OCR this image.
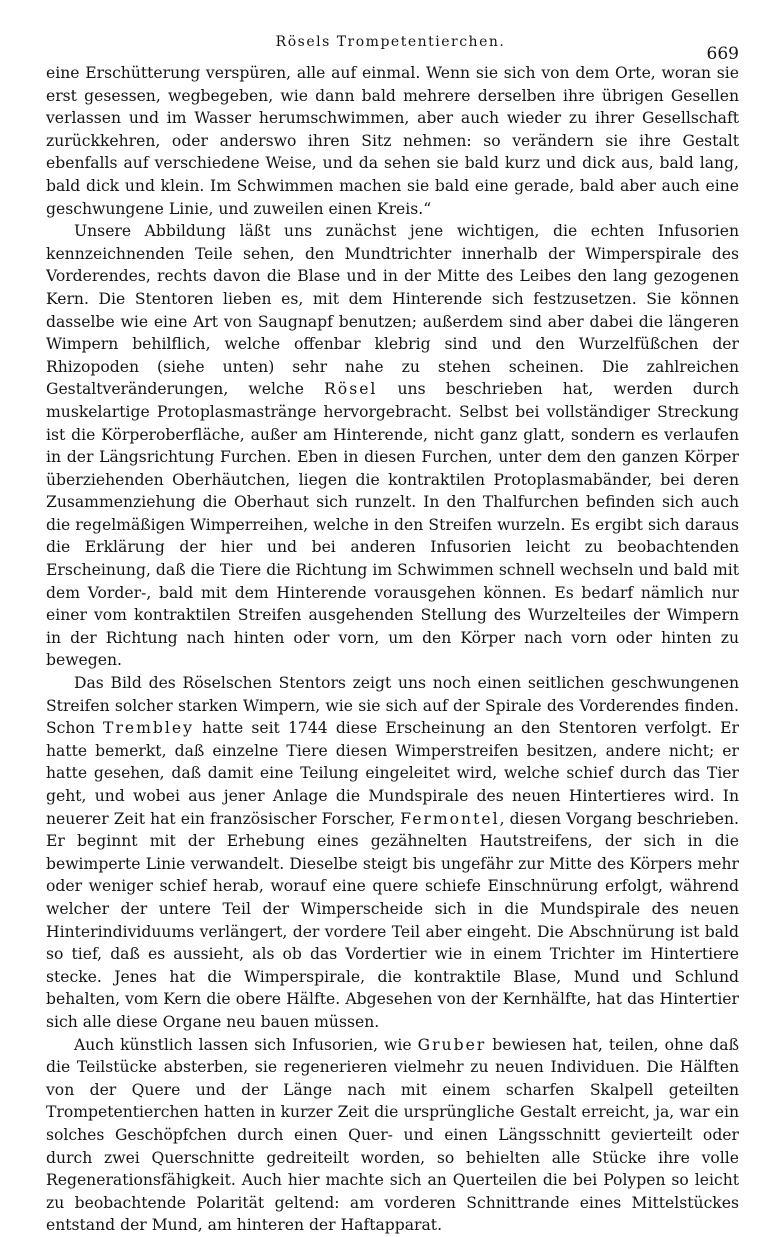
Rösels Trompetentierchen.
669

eine Erschütterung verspüren, alle auf einmal. Wenn sie sich von dem Orte, woran sie erst gesessen, wegbegeben, wie dann bald mehrere derselben ihre übrigen Gesellen verlassen und im Wasser herumschwimmen, aber auch wieder zu ihrer Gesellschaft zurückkehren, oder anderswo ihren Sitz nehmen: so verändern sie ihre Gestalt ebenfalls auf verschiedene Weise, und da sehen sie bald kurz und dick aus, bald lang, bald dick und klein. Im Schwimmen machen sie bald eine gerade, bald aber auch eine geschwungene Linie, und zuweilen einen Kreis.“

Unsere Abbildung läßt uns zunächst jene wichtigen, die echten Infusorien kennzeichnenden Teile sehen, den Mundtrichter innerhalb der Wimperspirale des Vorderendes, rechts davon die Blase und in der Mitte des Leibes den lang gezogenen Kern. Die Stentoren lieben es, mit dem Hinterende sich festzusetzen. Sie können dasselbe wie eine Art von Saugnapf benutzen; außerdem sind aber dabei die längeren Wimpern behilflich, welche offenbar klebrig sind und den Wurzelfüßchen der Rhizopoden (siehe unten) sehr nahe zu stehen scheinen. Die zahlreichen Gestaltveränderungen, welche Rösel uns beschrieben hat, werden durch muskelartige Protoplasmastränge hervorgebracht. Selbst bei vollständiger Streckung ist die Körperoberfläche, außer am Hinterende, nicht ganz glatt, sondern es verlaufen in der Längsrichtung Furchen. Eben in diesen Furchen, unter dem den ganzen Körper überziehenden Oberhäutchen, liegen die kontraktilen Protoplasmabänder, bei deren Zusammenziehung die Oberhaut sich runzelt. In den Thalfurchen befinden sich auch die regelmäßigen Wimperreihen, welche in den Streifen wurzeln. Es ergibt sich daraus die Erklärung der hier und bei anderen Infusorien leicht zu beobachtenden Erscheinung, daß die Tiere die Richtung im Schwimmen schnell wechseln und bald mit dem Vorder-, bald mit dem Hinterende vorausgehen können. Es bedarf nämlich nur einer vom kontraktilen Streifen ausgehenden Stellung des Wurzelteiles der Wimpern in der Richtung nach hinten oder vorn, um den Körper nach vorn oder hinten zu bewegen.

Das Bild des Röselschen Stentors zeigt uns noch einen seitlichen geschwungenen Streifen solcher starken Wimpern, wie sie sich auf der Spirale des Vorderendes finden. Schon Trembley hatte seit 1744 diese Erscheinung an den Stentoren verfolgt. Er hatte bemerkt, daß einzelne Tiere diesen Wimperstreifen besitzen, andere nicht; er hatte gesehen, daß damit eine Teilung eingeleitet wird, welche schief durch das Tier geht, und wobei aus jener Anlage die Mundspirale des neuen Hintertieres wird. In neuerer Zeit hat ein französischer Forscher, Fermontel, diesen Vorgang beschrieben. Er beginnt mit der Erhebung eines gezähnelten Hautstreifens, der sich in die bewimperte Linie verwandelt. Dieselbe steigt bis ungefähr zur Mitte des Körpers mehr oder weniger schief herab, worauf eine quere schiefe Einschnürung erfolgt, während welcher der untere Teil der Wimperscheide sich in die Mundspirale des neuen Hinterindividuums verlängert, der vordere Teil aber eingeht. Die Abschnürung ist bald so tief, daß es aussieht, als ob das Vordertier wie in einem Trichter im Hintertiere stecke. Jenes hat die Wimperspirale, die kontraktile Blase, Mund und Schlund behalten, vom Kern die obere Hälfte. Abgesehen von der Kernhälfte, hat das Hintertier sich alle diese Organe neu bauen müssen.

Auch künstlich lassen sich Infusorien, wie Gruber bewiesen hat, teilen, ohne daß die Teilstücke absterben, sie regenerieren vielmehr zu neuen Individuen. Die Hälften von der Quere und der Länge nach mit einem scharfen Skalpell geteilten Trompetentierchen hatten in kurzer Zeit die ursprüngliche Gestalt erreicht, ja, war ein solches Geschöpfchen durch einen Quer- und einen Längsschnitt gevierteilt oder durch zwei Querschnitte gedreiteilt worden, so behielten alle Stücke ihre volle Regenerationsfähigkeit. Auch hier machte sich an Querteilen die bei Polypen so leicht zu beobachtende Polarität geltend: am vorderen Schnittrande eines Mittelstückes entstand der Mund, am hinteren der Haftapparat.
